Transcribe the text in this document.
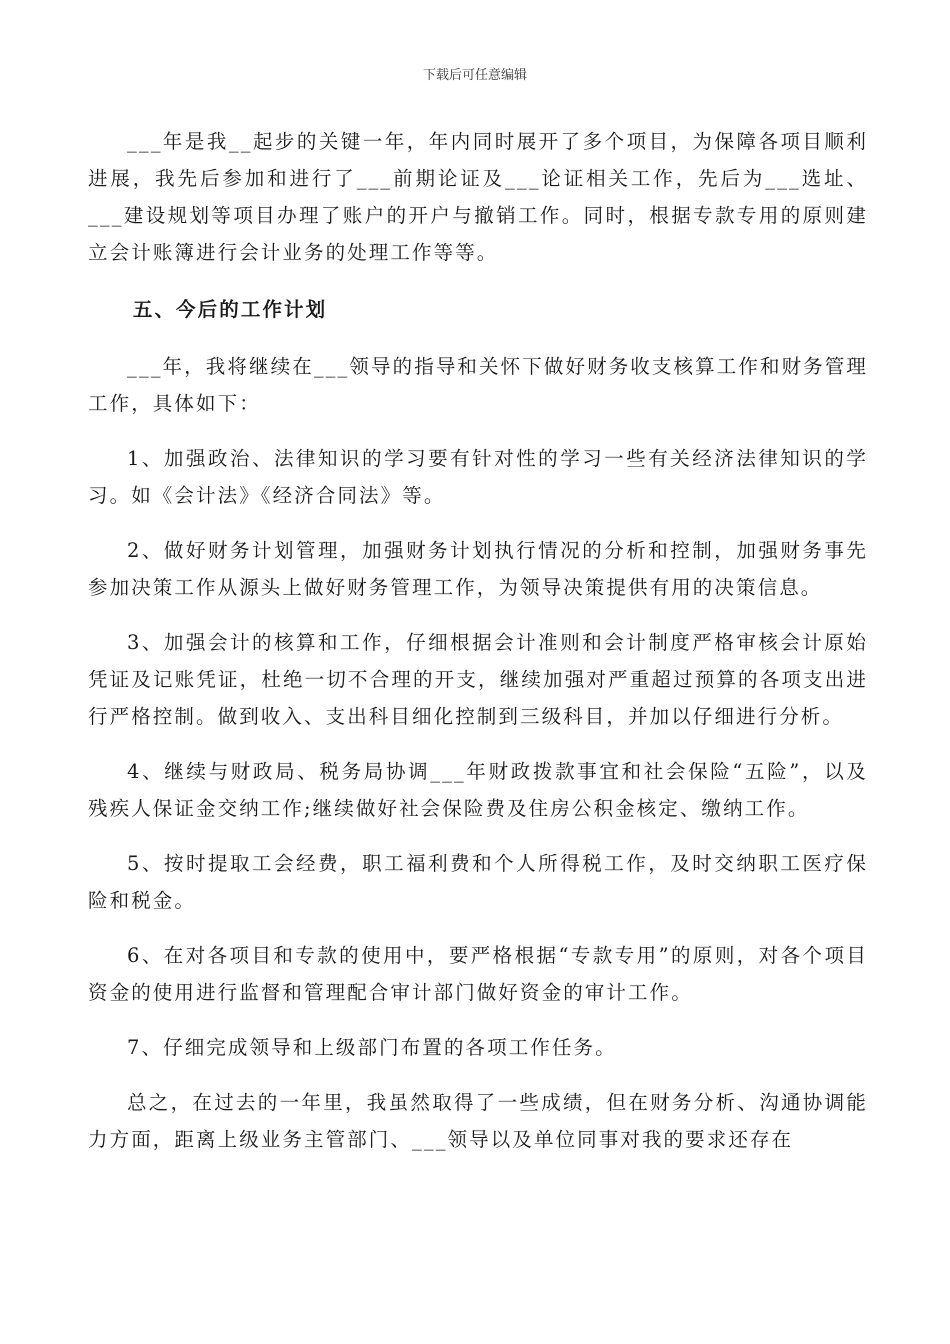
下载后可任意编辑

___年是我__起步的关键一年，年内同时展开了多个项目，为保障各项目顺利进展，我先后参加和进行了___前期论证及___论证相关工作，先后为___选址、___建设规划等项目办理了账户的开户与撤销工作。同时，根据专款专用的原则建立会计账簿进行会计业务的处理工作等等。

五、今后的工作计划

___年，我将继续在___领导的指导和关怀下做好财务收支核算工作和财务管理工作，具体如下：

1、加强政治、法律知识的学习要有针对性的学习一些有关经济法律知识的学习。如《会计法》《经济合同法》等。

2、做好财务计划管理，加强财务计划执行情况的分析和控制，加强财务事先参加决策工作从源头上做好财务管理工作，为领导决策提供有用的决策信息。

3、加强会计的核算和工作，仔细根据会计准则和会计制度严格审核会计原始凭证及记账凭证，杜绝一切不合理的开支，继续加强对严重超过预算的各项支出进行严格控制。做到收入、支出科目细化控制到三级科目，并加以仔细进行分析。

4、继续与财政局、税务局协调___年财政拨款事宜和社会保险“五险”，以及残疾人保证金交纳工作;继续做好社会保险费及住房公积金核定、缴纳工作。

5、按时提取工会经费，职工福利费和个人所得税工作，及时交纳职工医疗保险和税金。

6、在对各项目和专款的使用中，要严格根据“专款专用”的原则，对各个项目资金的使用进行监督和管理配合审计部门做好资金的审计工作。

7、仔细完成领导和上级部门布置的各项工作任务。

总之，在过去的一年里，我虽然取得了一些成绩，但在财务分析、沟通协调能力方面，距离上级业务主管部门、___领导以及单位同事对我的要求还存在
